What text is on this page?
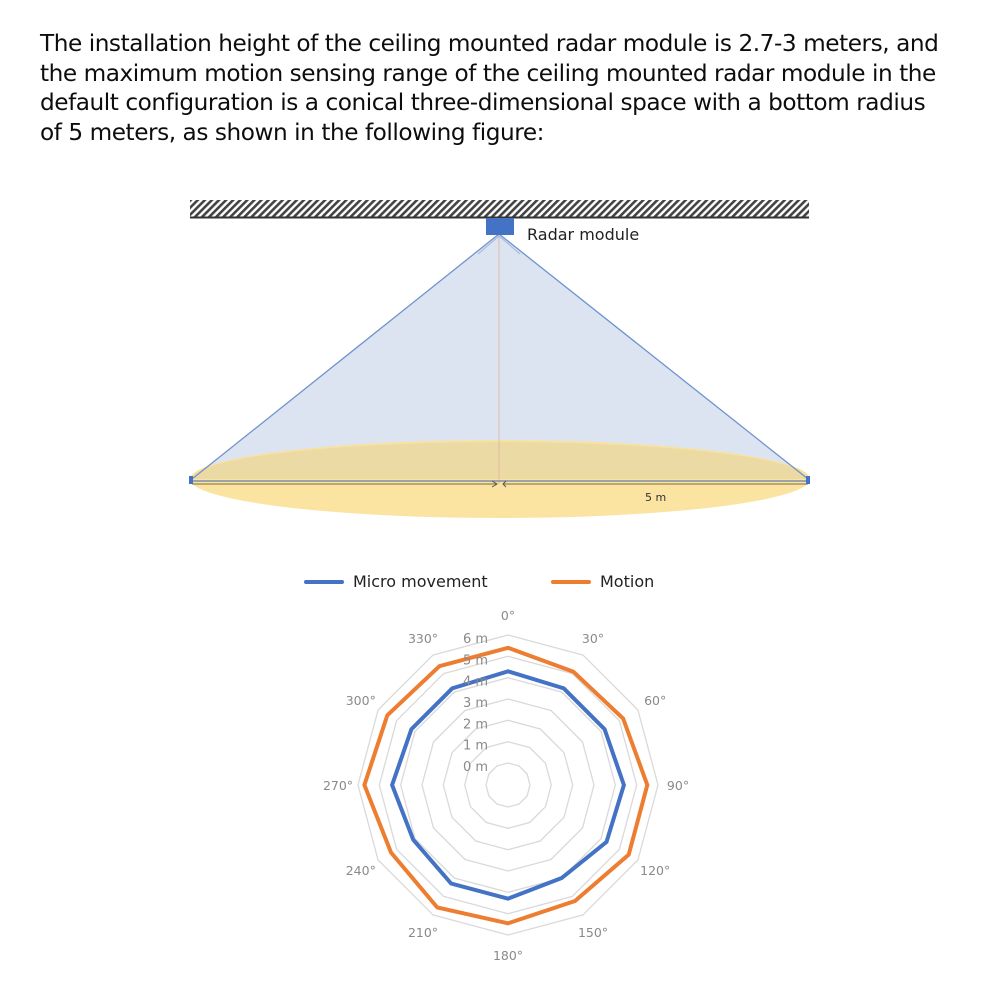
The installation height of the ceiling mounted radar module is 2.7-3 meters, and

the maximum motion sensing range of the ceiling mounted radar module in the

default configuration is a conical three-dimensional space with a bottom radius

of 5 meters, as shown in the following figure:

Radar module
5 m
Micro movement	Motion
0 m
1 m
2 m
3 m
4 m
5 m
6 m
0°
30°
60°
90°
120°
150°
180°
210°
240°
270°
300°
330°
